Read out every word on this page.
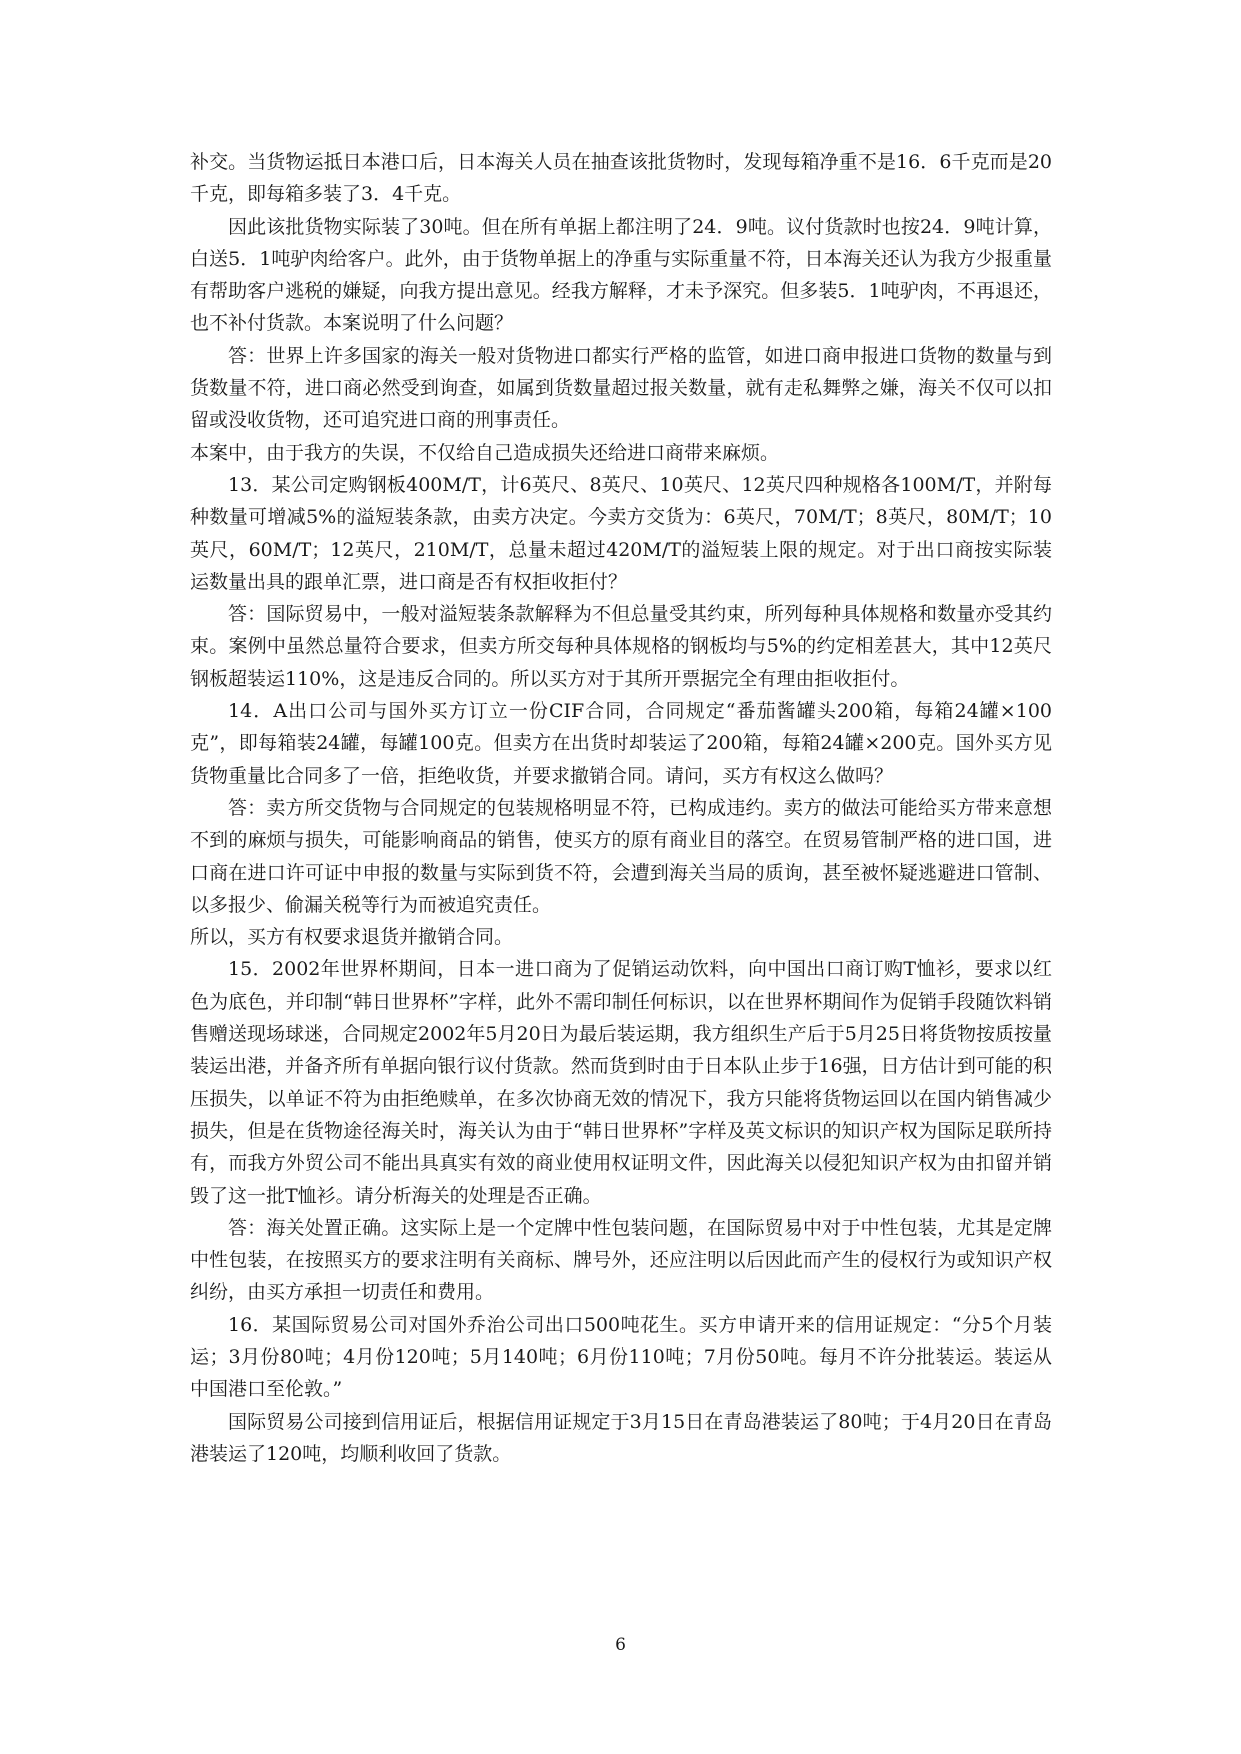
补交。当货物运抵日本港口后，日本海关人员在抽查该批货物时，发现每箱净重不是16．6千克而是20千克，即每箱多装了3．4千克。

因此该批货物实际装了30吨。但在所有单据上都注明了24．9吨。议付货款时也按24．9吨计算，白送5．1吨驴肉给客户。此外，由于货物单据上的净重与实际重量不符，日本海关还认为我方少报重量有帮助客户逃税的嫌疑，向我方提出意见。经我方解释，才未予深究。但多装5．1吨驴肉，不再退还，也不补付货款。本案说明了什么问题？

答：世界上许多国家的海关一般对货物进口都实行严格的监管，如进口商申报进口货物的数量与到货数量不符，进口商必然受到询查，如属到货数量超过报关数量，就有走私舞弊之嫌，海关不仅可以扣留或没收货物，还可追究进口商的刑事责任。

本案中，由于我方的失误，不仅给自己造成损失还给进口商带来麻烦。

13．某公司定购钢板400M/T，计6英尺、8英尺、10英尺、12英尺四种规格各100M/T，并附每种数量可增减5%的溢短装条款，由卖方决定。今卖方交货为：6英尺，70M/T；8英尺，80M/T；10英尺，60M/T；12英尺，210M/T，总量未超过420M/T的溢短装上限的规定。对于出口商按实际装运数量出具的跟单汇票，进口商是否有权拒收拒付？

答：国际贸易中，一般对溢短装条款解释为不但总量受其约束，所列每种具体规格和数量亦受其约束。案例中虽然总量符合要求，但卖方所交每种具体规格的钢板均与5%的约定相差甚大，其中12英尺钢板超装运110%，这是违反合同的。所以买方对于其所开票据完全有理由拒收拒付。

14．A出口公司与国外买方订立一份CIF合同，合同规定“番茄酱罐头200箱，每箱24罐×100克”，即每箱装24罐，每罐100克。但卖方在出货时却装运了200箱，每箱24罐×200克。国外买方见货物重量比合同多了一倍，拒绝收货，并要求撤销合同。请问，买方有权这么做吗？

答：卖方所交货物与合同规定的包装规格明显不符，已构成违约。卖方的做法可能给买方带来意想不到的麻烦与损失，可能影响商品的销售，使买方的原有商业目的落空。在贸易管制严格的进口国，进口商在进口许可证中申报的数量与实际到货不符，会遭到海关当局的质询，甚至被怀疑逃避进口管制、以多报少、偷漏关税等行为而被追究责任。

所以，买方有权要求退货并撤销合同。

15．2002年世界杯期间，日本一进口商为了促销运动饮料，向中国出口商订购T恤衫，要求以红色为底色，并印制“韩日世界杯”字样，此外不需印制任何标识，以在世界杯期间作为促销手段随饮料销售赠送现场球迷，合同规定2002年5月20日为最后装运期，我方组织生产后于5月25日将货物按质按量装运出港，并备齐所有单据向银行议付货款。然而货到时由于日本队止步于16强，日方估计到可能的积压损失，以单证不符为由拒绝赎单，在多次协商无效的情况下，我方只能将货物运回以在国内销售减少损失，但是在货物途径海关时，海关认为由于“韩日世界杯”字样及英文标识的知识产权为国际足联所持有，而我方外贸公司不能出具真实有效的商业使用权证明文件，因此海关以侵犯知识产权为由扣留并销毁了这一批T恤衫。请分析海关的处理是否正确。

答：海关处置正确。这实际上是一个定牌中性包装问题，在国际贸易中对于中性包装，尤其是定牌中性包装，在按照买方的要求注明有关商标、牌号外，还应注明以后因此而产生的侵权行为或知识产权纠纷，由买方承担一切责任和费用。

16．某国际贸易公司对国外乔治公司出口500吨花生。买方申请开来的信用证规定：“分5个月装运；3月份80吨；4月份120吨；5月140吨；6月份110吨；7月份50吨。每月不许分批装运。装运从中国港口至伦敦。”

国际贸易公司接到信用证后，根据信用证规定于3月15日在青岛港装运了80吨；于4月20日在青岛港装运了120吨，均顺利收回了货款。

6
